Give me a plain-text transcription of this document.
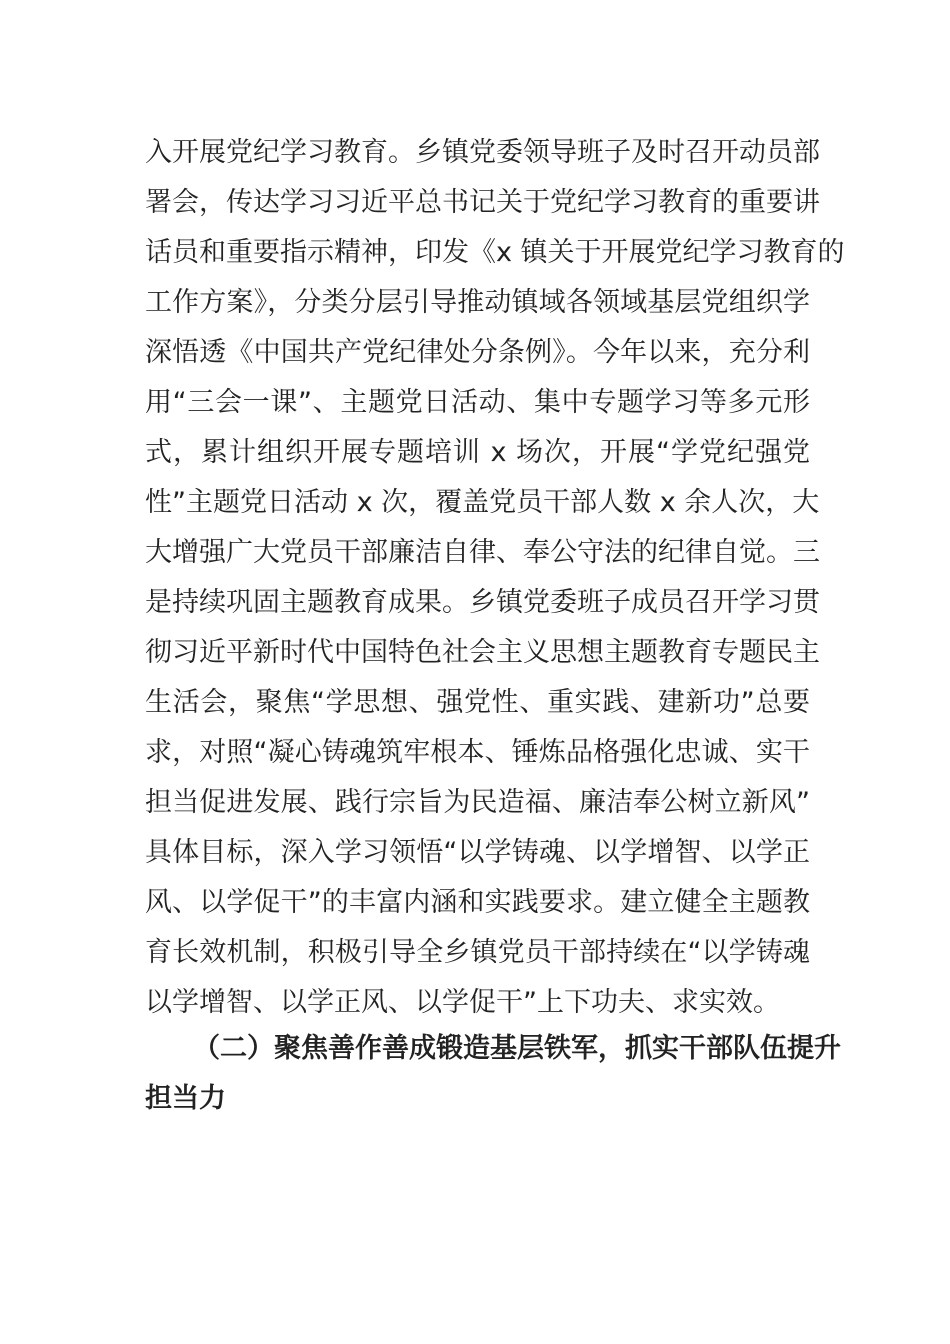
入开展党纪学习教育。乡镇党委领导班子及时召开动员部
署会，传达学习习近平总书记关于党纪学习教育的重要讲
话员和重要指示精神，印发《x 镇关于开展党纪学习教育的
工作方案》，分类分层引导推动镇域各领域基层党组织学
深悟透《中国共产党纪律处分条例》。今年以来，充分利
用“三会一课”、主题党日活动、集中专题学习等多元形
式，累计组织开展专题培训 x 场次，开展“学党纪强党
性”主题党日活动 x 次，覆盖党员干部人数 x 余人次，大
大增强广大党员干部廉洁自律、奉公守法的纪律自觉。三
是持续巩固主题教育成果。乡镇党委班子成员召开学习贯
彻习近平新时代中国特色社会主义思想主题教育专题民主
生活会，聚焦“学思想、强党性、重实践、建新功”总要
求，对照“凝心铸魂筑牢根本、锤炼品格强化忠诚、实干
担当促进发展、践行宗旨为民造福、廉洁奉公树立新风”
具体目标，深入学习领悟“以学铸魂、以学增智、以学正
风、以学促干”的丰富内涵和实践要求。建立健全主题教
育长效机制，积极引导全乡镇党员干部持续在“以学铸魂
以学增智、以学正风、以学促干”上下功夫、求实效。
（二）聚焦善作善成锻造基层铁军，抓实干部队伍提升
担当力
